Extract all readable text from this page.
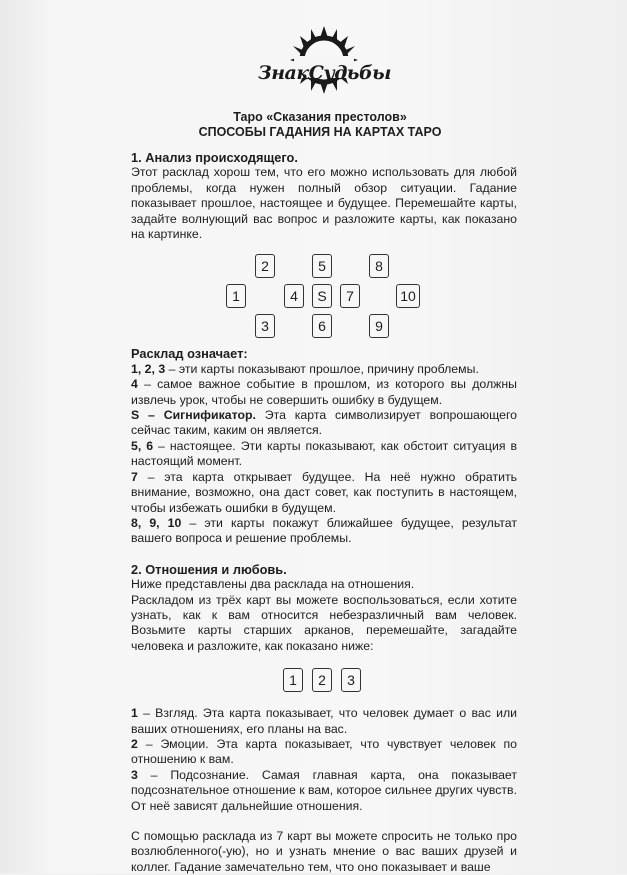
ЗнакСудьбы
Таро «Сказания престолов»
СПОСОБЫ ГАДАНИЯ НА КАРТАХ ТАРО

1. Анализ происходящего.

Этот расклад хорош тем, что его можно использовать для любой проблемы, когда нужен полный обзор ситуации. Гадание показывает прошлое, настоящее и будущее. Перемешайте карты, задайте волнующий вас вопрос и разложите карты, как показано на картинке.

2	5	8
1	4	S	7	10
3	6	9

Расклад означает:

1, 2, 3 – эти карты показывают прошлое, причину проблемы.

4 – самое важное событие в прошлом, из которого вы должны извлечь урок, чтобы не совершить ошибку в будущем.

S – Сигнификатор. Эта карта символизирует вопрошающего сейчас таким, каким он является.

5, 6 – настоящее. Эти карты показывают, как обстоит ситуация в настоящий момент.

7 – эта карта открывает будущее. На неё нужно обратить внимание, возможно, она даст совет, как поступить в настоящем, чтобы избежать ошибки в будущем.

8, 9, 10 – эти карты покажут ближайшее будущее, результат вашего вопроса и решение проблемы.

2. Отношения и любовь.

Ниже представлены два расклада на отношения.

Раскладом из трёх карт вы можете воспользоваться, если хотите узнать, как к вам относится небезразличный вам человек. Возьмите карты старших арканов, перемешайте, загадайте человека и разложите, как показано ниже:

1	2	3

1 – Взгляд. Эта карта показывает, что человек думает о вас или ваших отношениях, его планы на вас.

2 – Эмоции. Эта карта показывает, что чувствует человек по отношению к вам.

3 – Подсознание. Самая главная карта, она показывает подсознательное отношение к вам, которое сильнее других чувств. От неё зависят дальнейшие отношения.

С помощью расклада из 7 карт вы можете спросить не только про возлюбленного(-ую), но и узнать мнение о вас ваших друзей и коллег. Гадание замечательно тем, что оно показывает и ваше
